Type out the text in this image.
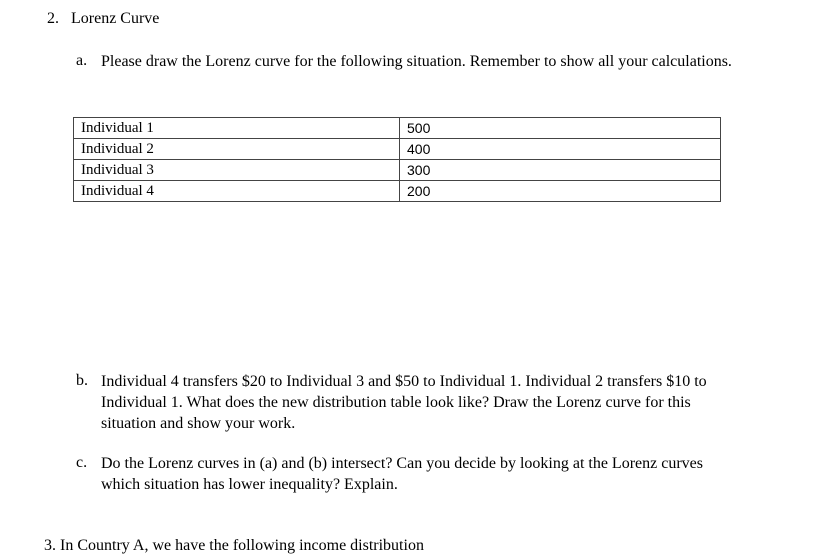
2. Lorenz Curve
a. Please draw the Lorenz curve for the following situation. Remember to show all your calculations.
Individual 1	500
Individual 2	400
Individual 3	300
Individual 4	200
b. Individual 4 transfers $20 to Individual 3 and $50 to Individual 1. Individual 2 transfers $10 to Individual 1. What does the new distribution table look like? Draw the Lorenz curve for this situation and show your work.
c. Do the Lorenz curves in (a) and (b) intersect? Can you decide by looking at the Lorenz curves which situation has lower inequality? Explain.
3. In Country A, we have the following income distribution
